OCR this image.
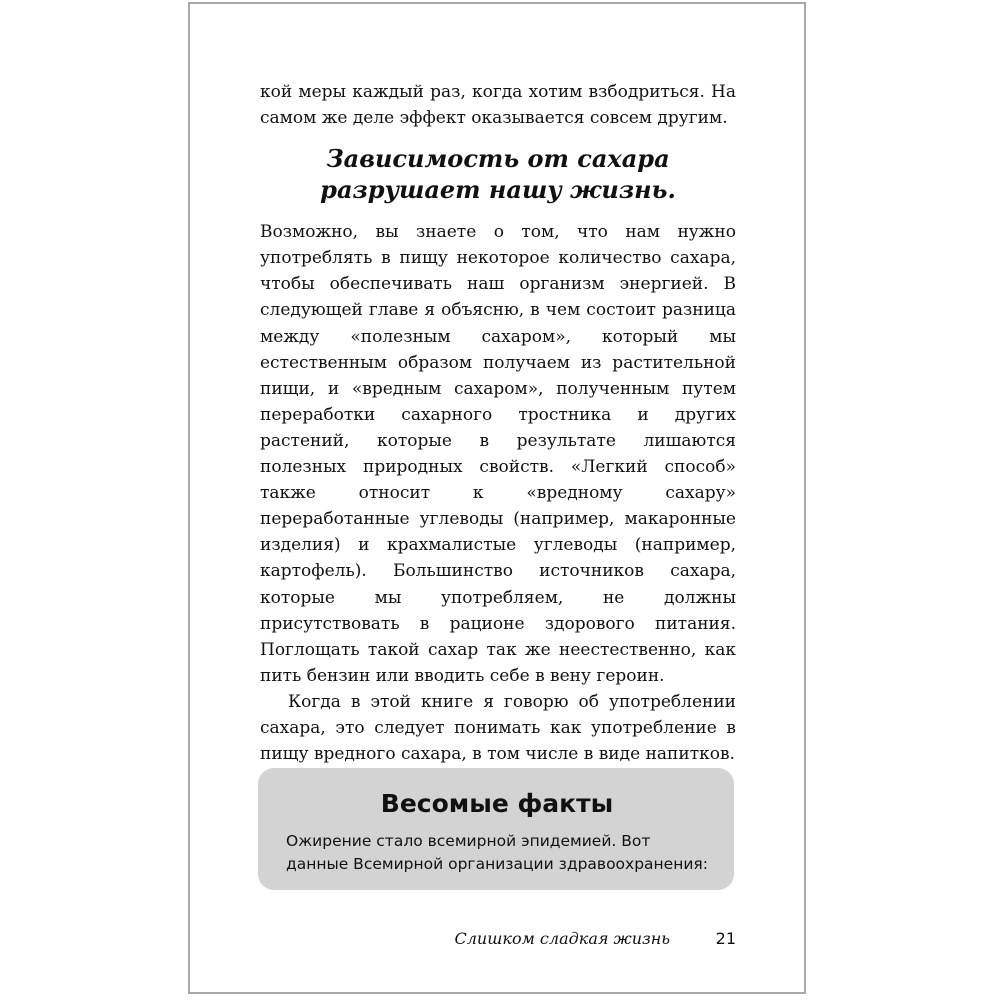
кой меры каждый раз, когда хотим взбодриться. На самом же деле эффект оказывается совсем другим.

Зависимость от сахара разрушает нашу жизнь.

Возможно, вы знаете о том, что нам нужно употреблять в пищу некоторое количество сахара, чтобы обеспечивать наш организм энергией. В следующей главе я объясню, в чем состоит разница между «полезным сахаром», который мы естественным образом получаем из растительной пищи, и «вредным сахаром», полученным путем переработки сахарного тростника и других растений, которые в результате лишаются полезных природных свойств. «Легкий способ» также относит к «вредному сахару» переработанные углеводы (например, макаронные изделия) и крахмалистые углеводы (например, картофель). Большинство источников сахара, которые мы употребляем, не должны присутствовать в рационе здорового питания. Поглощать такой сахар так же неестественно, как пить бензин или вводить себе в вену героин.

Когда в этой книге я говорю об употреблении сахара, это следует понимать как употребление в пищу вредного сахара, в том числе в виде напитков.

Весомые факты

Ожирение стало всемирной эпидемией. Вот данные Всемирной организации здравоохранения:

Слишком сладкая жизнь	21
